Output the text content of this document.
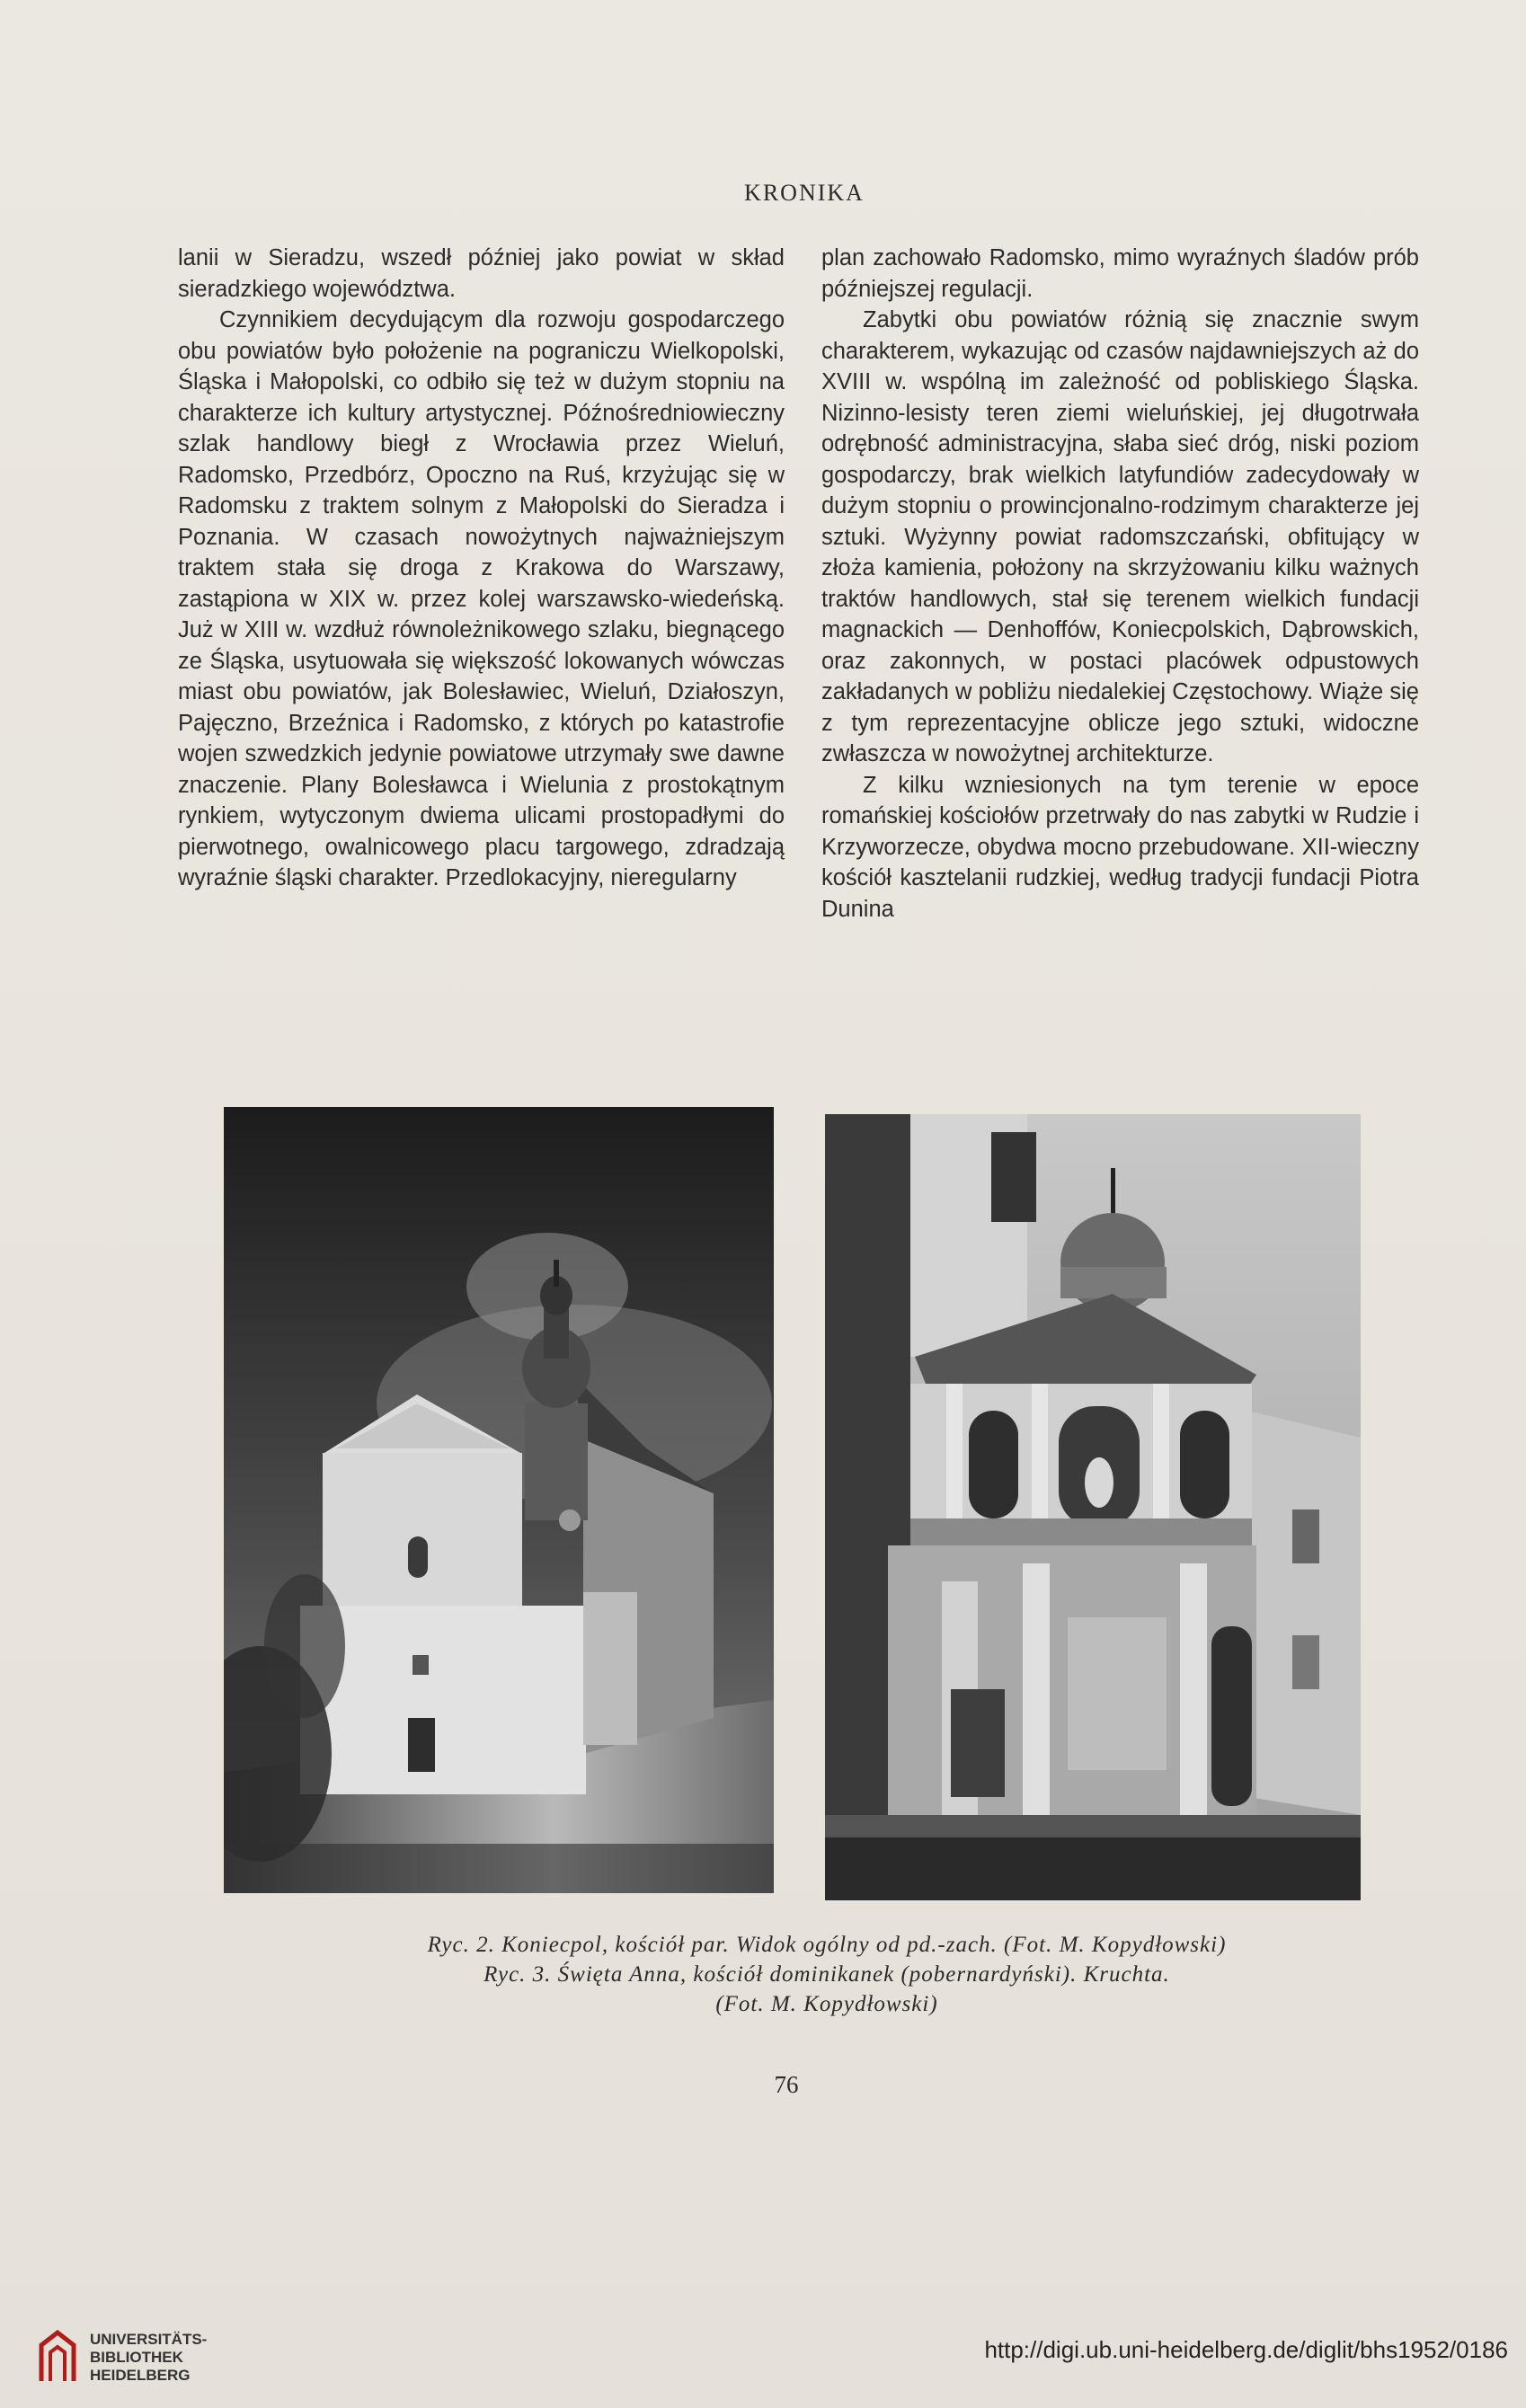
KRONIKA

lanii w Sieradzu, wszedł później jako powiat w skład sieradzkiego województwa.

Czynnikiem decydującym dla rozwoju gospodarczego obu powiatów było położenie na pograniczu Wielkopolski, Śląska i Małopolski, co odbiło się też w dużym stopniu na charakterze ich kultury artystycznej. Późnośredniowieczny szlak handlowy biegł z Wrocławia przez Wieluń, Radomsko, Przedbórz, Opoczno na Ruś, krzyżując się w Radomsku z traktem solnym z Małopolski do Sieradza i Poznania. W czasach nowożytnych najważniejszym traktem stała się droga z Krakowa do Warszawy, zastąpiona w XIX w. przez kolej warszawsko-wiedeńską. Już w XIII w. wzdłuż równoleżnikowego szlaku, biegnącego ze Śląska, usytuowała się większość lokowanych wówczas miast obu powiatów, jak Bolesławiec, Wieluń, Działoszyn, Pajęczno, Brzeźnica i Radomsko, z których po katastrofie wojen szwedzkich jedynie powiatowe utrzymały swe dawne znaczenie. Plany Bolesławca i Wielunia z prostokątnym rynkiem, wytyczonym dwiema ulicami prostopadłymi do pierwotnego, owalnicowego placu targowego, zdradzają wyraźnie śląski charakter. Przedlokacyjny, nieregularny

plan zachowało Radomsko, mimo wyraźnych śladów prób późniejszej regulacji.

Zabytki obu powiatów różnią się znacznie swym charakterem, wykazując od czasów najdawniejszych aż do XVIII w. wspólną im zależność od pobliskiego Śląska. Nizinno-lesisty teren ziemi wieluńskiej, jej długotrwała odrębność administracyjna, słaba sieć dróg, niski poziom gospodarczy, brak wielkich latyfundiów zadecydowały w dużym stopniu o prowincjonalno-rodzimym charakterze jej sztuki. Wyżynny powiat radomszczański, obfitujący w złoża kamienia, położony na skrzyżowaniu kilku ważnych traktów handlowych, stał się terenem wielkich fundacji magnackich — Denhoffów, Koniecpolskich, Dąbrowskich, oraz zakonnych, w postaci placówek odpustowych zakładanych w pobliżu niedalekiej Częstochowy. Wiąże się z tym reprezentacyjne oblicze jego sztuki, widoczne zwłaszcza w nowożytnej architekturze.

Z kilku wzniesionych na tym terenie w epoce romańskiej kościołów przetrwały do nas zabytki w Rudzie i Krzyworzecze, obydwa mocno przebudowane. XII-wieczny kościół kasztelanii rudzkiej, według tradycji fundacji Piotra Dunina

Ryc. 2. Koniecpol, kościół par. Widok ogólny od pd.-zach. (Fot. M. Kopydłowski)
Ryc. 3. Święta Anna, kościół dominikanek (pobernardyński). Kruchta.
(Fot. M. Kopydłowski)
76
UNIVERSITÄTS-
BIBLIOTHEK
HEIDELBERG
http://digi.ub.uni-heidelberg.de/diglit/bhs1952/0186
